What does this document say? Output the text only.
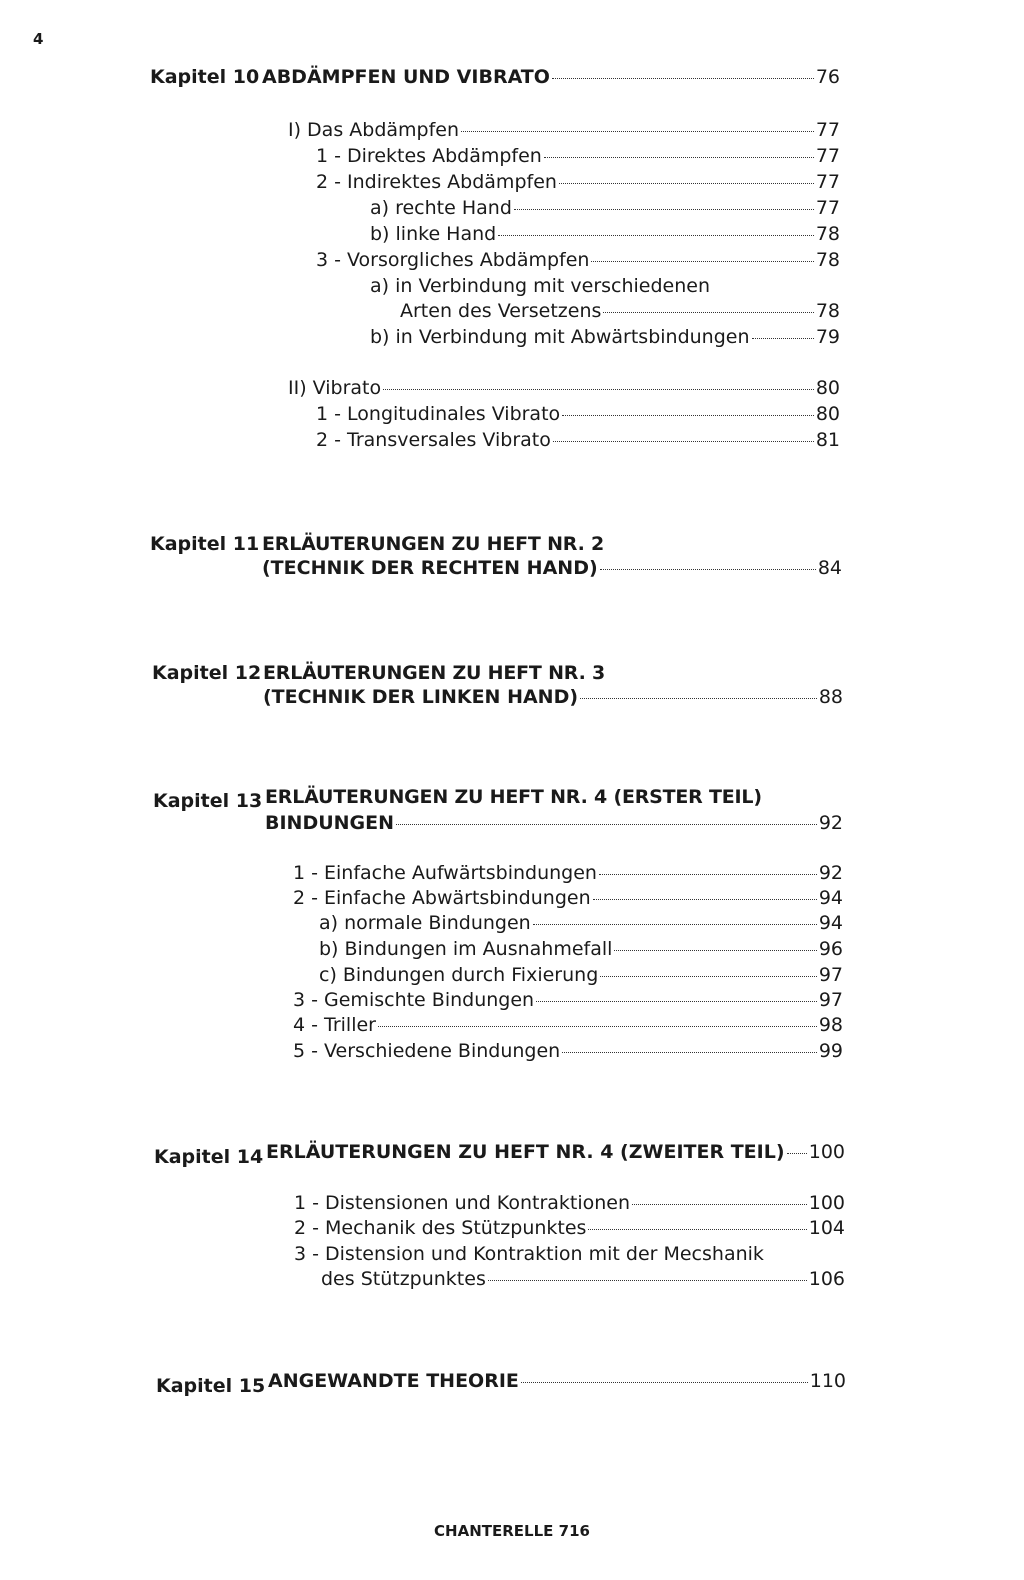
4
Kapitel 10 ABDÄMPFEN UND VIBRATO	76
I) Das Abdämpfen	77
1 - Direktes Abdämpfen	77
2 - Indirektes Abdämpfen	77
a) rechte Hand	77
b) linke Hand	78
3 - Vorsorgliches Abdämpfen	78
a) in Verbindung mit verschiedenen
Arten des Versetzens	78
b) in Verbindung mit Abwärtsbindungen	79
II) Vibrato	80
1 - Longitudinales Vibrato	80
2 - Transversales Vibrato	81
Kapitel 11 ERLÄUTERUNGEN ZU HEFT NR. 2
(TECHNIK DER RECHTEN HAND)	84
Kapitel 12 ERLÄUTERUNGEN ZU HEFT NR. 3
(TECHNIK DER LINKEN HAND)	88
Kapitel 13 ERLÄUTERUNGEN ZU HEFT NR. 4 (ERSTER TEIL)
BINDUNGEN	92
1 - Einfache Aufwärtsbindungen	92
2 - Einfache Abwärtsbindungen	94
a) normale Bindungen	94
b) Bindungen im Ausnahmefall	96
c) Bindungen durch Fixierung	97
3 - Gemischte Bindungen	97
4 - Triller	98
5 - Verschiedene Bindungen	99
Kapitel 14 ERLÄUTERUNGEN ZU HEFT NR. 4 (ZWEITER TEIL) 100
1 - Distensionen und Kontraktionen	100
2 - Mechanik des Stützpunktes	104
3 - Distension und Kontraktion mit der Mecshanik
des Stützpunktes	106
Kapitel 15 ANGEWANDTE THEORIE	110
CHANTERELLE 716
